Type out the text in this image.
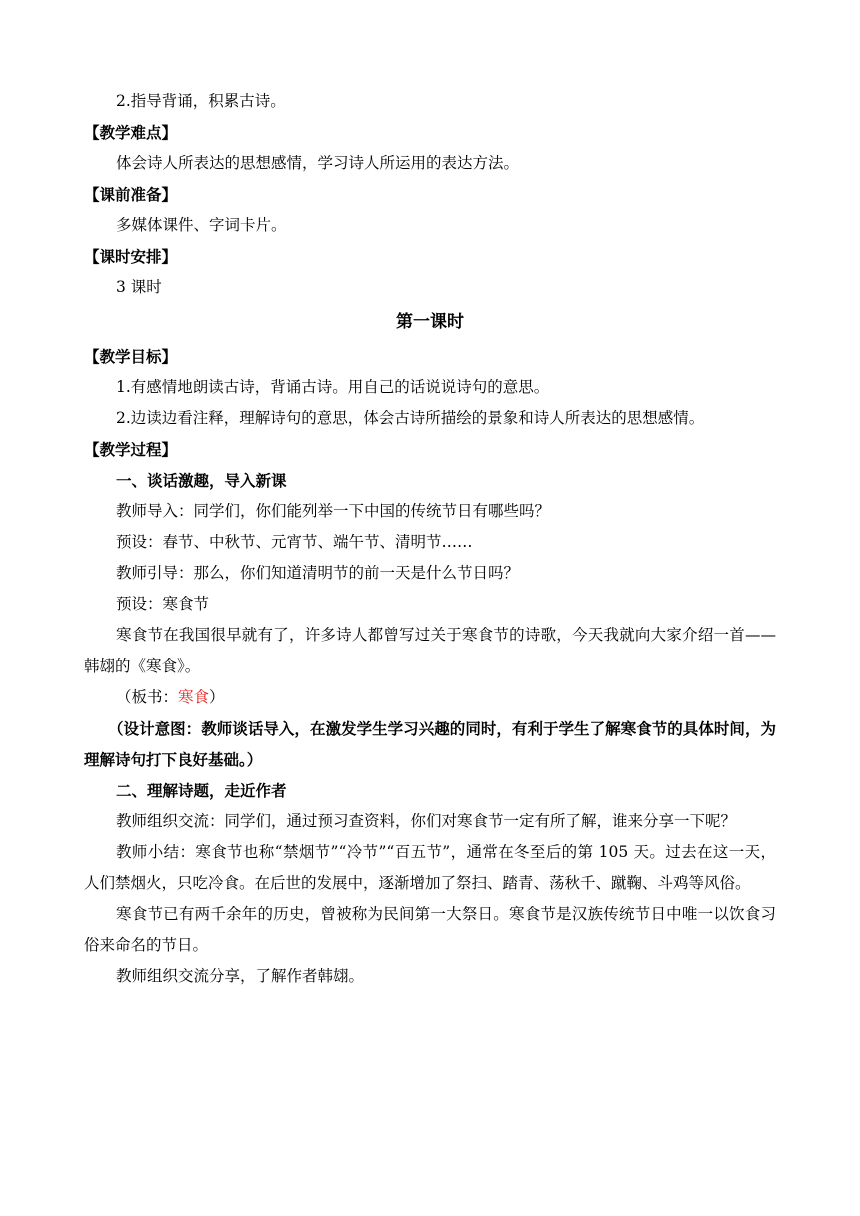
2.指导背诵，积累古诗。
【教学难点】
体会诗人所表达的思想感情，学习诗人所运用的表达方法。
【课前准备】
多媒体课件、字词卡片。
【课时安排】
3 课时
第一课时
【教学目标】
1.有感情地朗读古诗，背诵古诗。用自己的话说说诗句的意思。
2.边读边看注释，理解诗句的意思，体会古诗所描绘的景象和诗人所表达的思想感情。
【教学过程】
一、谈话激趣，导入新课
教师导入：同学们，你们能列举一下中国的传统节日有哪些吗？
预设：春节、中秋节、元宵节、端午节、清明节……
教师引导：那么，你们知道清明节的前一天是什么节日吗？
预设：寒食节
寒食节在我国很早就有了，许多诗人都曾写过关于寒食节的诗歌，今天我就向大家介绍一首——韩翃的《寒食》。
（板书：寒食）
（设计意图：教师谈话导入，在激发学生学习兴趣的同时，有利于学生了解寒食节的具体时间，为理解诗句打下良好基础。）
二、理解诗题，走近作者
教师组织交流：同学们，通过预习查资料，你们对寒食节一定有所了解，谁来分享一下呢？
教师小结：寒食节也称“禁烟节”“冷节”“百五节”，通常在冬至后的第 105 天。过去在这一天，人们禁烟火，只吃冷食。在后世的发展中，逐渐增加了祭扫、踏青、荡秋千、蹴鞠、斗鸡等风俗。
寒食节已有两千余年的历史，曾被称为民间第一大祭日。寒食节是汉族传统节日中唯一以饮食习俗来命名的节日。
教师组织交流分享，了解作者韩翃。
